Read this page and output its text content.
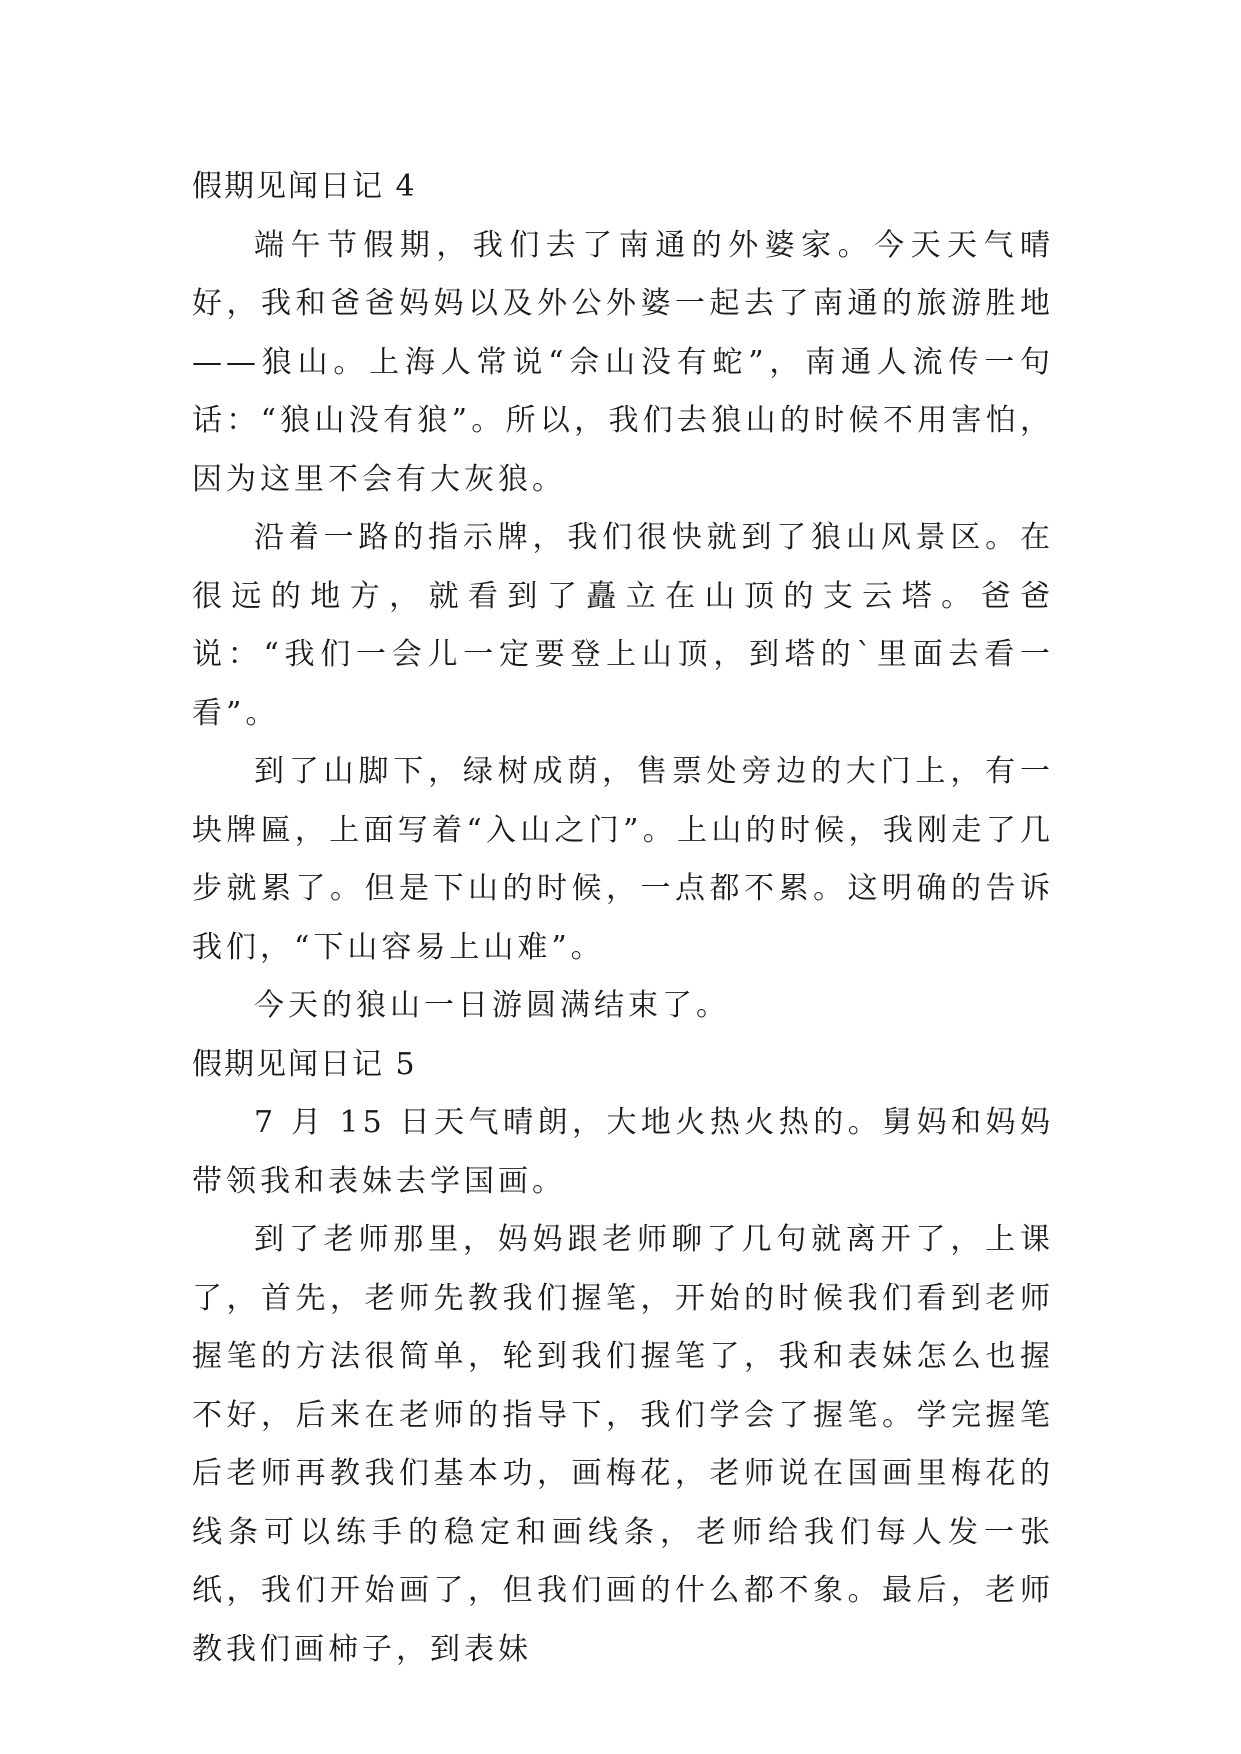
假期见闻日记 4

端午节假期，我们去了南通的外婆家。今天天气晴好，我和爸爸妈妈以及外公外婆一起去了南通的旅游胜地——狼山。上海人常说“佘山没有蛇”，南通人流传一句话：“狼山没有狼”。所以，我们去狼山的时候不用害怕，因为这里不会有大灰狼。

沿着一路的指示牌，我们很快就到了狼山风景区。在很远的地方，就看到了矗立在山顶的支云塔。爸爸说：“我们一会儿一定要登上山顶，到塔的`里面去看一看”。

到了山脚下，绿树成荫，售票处旁边的大门上，有一块牌匾，上面写着“入山之门”。上山的时候，我刚走了几步就累了。但是下山的时候，一点都不累。这明确的告诉我们，“下山容易上山难”。

今天的狼山一日游圆满结束了。

假期见闻日记 5

7 月 15 日天气晴朗，大地火热火热的。舅妈和妈妈带领我和表妹去学国画。

到了老师那里，妈妈跟老师聊了几句就离开了，上课了，首先，老师先教我们握笔，开始的时候我们看到老师握笔的方法很简单，轮到我们握笔了，我和表妹怎么也握不好，后来在老师的指导下，我们学会了握笔。学完握笔后老师再教我们基本功，画梅花，老师说在国画里梅花的线条可以练手的稳定和画线条，老师给我们每人发一张纸，我们开始画了，但我们画的什么都不象。最后，老师教我们画柿子，到表妹
